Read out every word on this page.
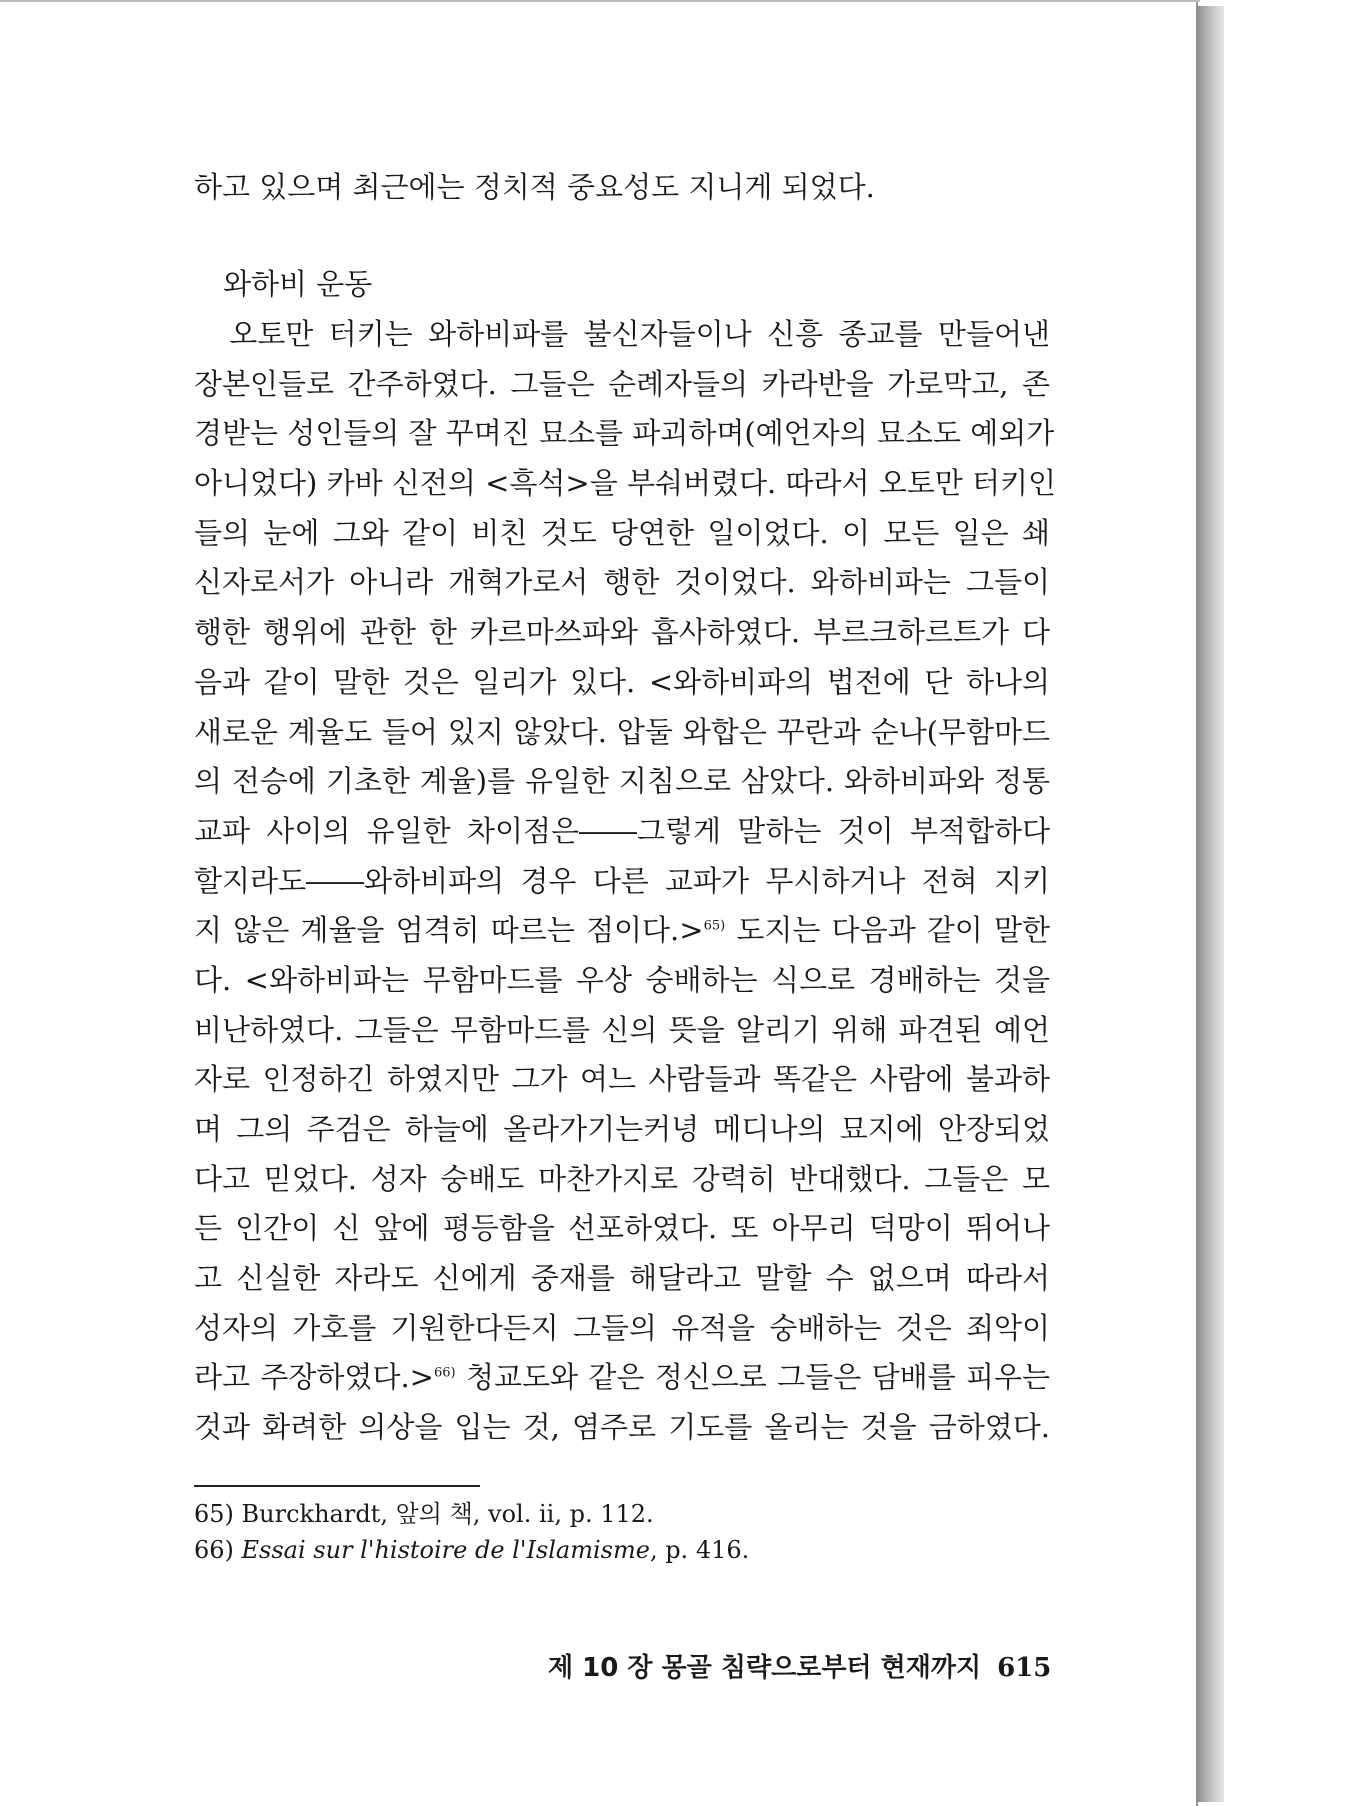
하고 있으며 최근에는 정치적 중요성도 지니게 되었다.
와하비 운동
　오토만 터키는 와하비파를 불신자들이나 신흥 종교를 만들어낸
장본인들로 간주하였다. 그들은 순례자들의 카라반을 가로막고, 존
경받는 성인들의 잘 꾸며진 묘소를 파괴하며(예언자의 묘소도 예외가
아니었다) 카바 신전의 <흑석>을 부숴버렸다. 따라서 오토만 터키인
들의 눈에 그와 같이 비친 것도 당연한 일이었다. 이 모든 일은 쇄
신자로서가 아니라 개혁가로서 행한 것이었다. 와하비파는 그들이
행한 행위에 관한 한 카르마쓰파와 흡사하였다. 부르크하르트가 다
음과 같이 말한 것은 일리가 있다. <와하비파의 법전에 단 하나의
새로운 계율도 들어 있지 않았다. 압둘 와합은 꾸란과 순나(무함마드
의 전승에 기초한 계율)를 유일한 지침으로 삼았다. 와하비파와 정통
교파 사이의 유일한 차이점은――그렇게 말하는 것이 부적합하다
할지라도――와하비파의 경우 다른 교파가 무시하거나 전혀 지키
지 않은 계율을 엄격히 따르는 점이다.>$^{65)}$ 도지는 다음과 같이 말한
다. <와하비파는 무함마드를 우상 숭배하는 식으로 경배하는 것을
비난하였다. 그들은 무함마드를 신의 뜻을 알리기 위해 파견된 예언
자로 인정하긴 하였지만 그가 여느 사람들과 똑같은 사람에 불과하
며 그의 주검은 하늘에 올라가기는커녕 메디나의 묘지에 안장되었
다고 믿었다. 성자 숭배도 마찬가지로 강력히 반대했다. 그들은 모
든 인간이 신 앞에 평등함을 선포하였다. 또 아무리 덕망이 뛰어나
고 신실한 자라도 신에게 중재를 해달라고 말할 수 없으며 따라서
성자의 가호를 기원한다든지 그들의 유적을 숭배하는 것은 죄악이
라고 주장하였다.>$^{66)}$ 청교도와 같은 정신으로 그들은 담배를 피우는
것과 화려한 의상을 입는 것, 염주로 기도를 올리는 것을 금하였다.
65) Burckhardt, 앞의 책, vol. ii, p. 112.
66) Essai sur l'histoire de l'Islamisme, p. 416.
제 10 장 몽골 침략으로부터 현재까지 615
